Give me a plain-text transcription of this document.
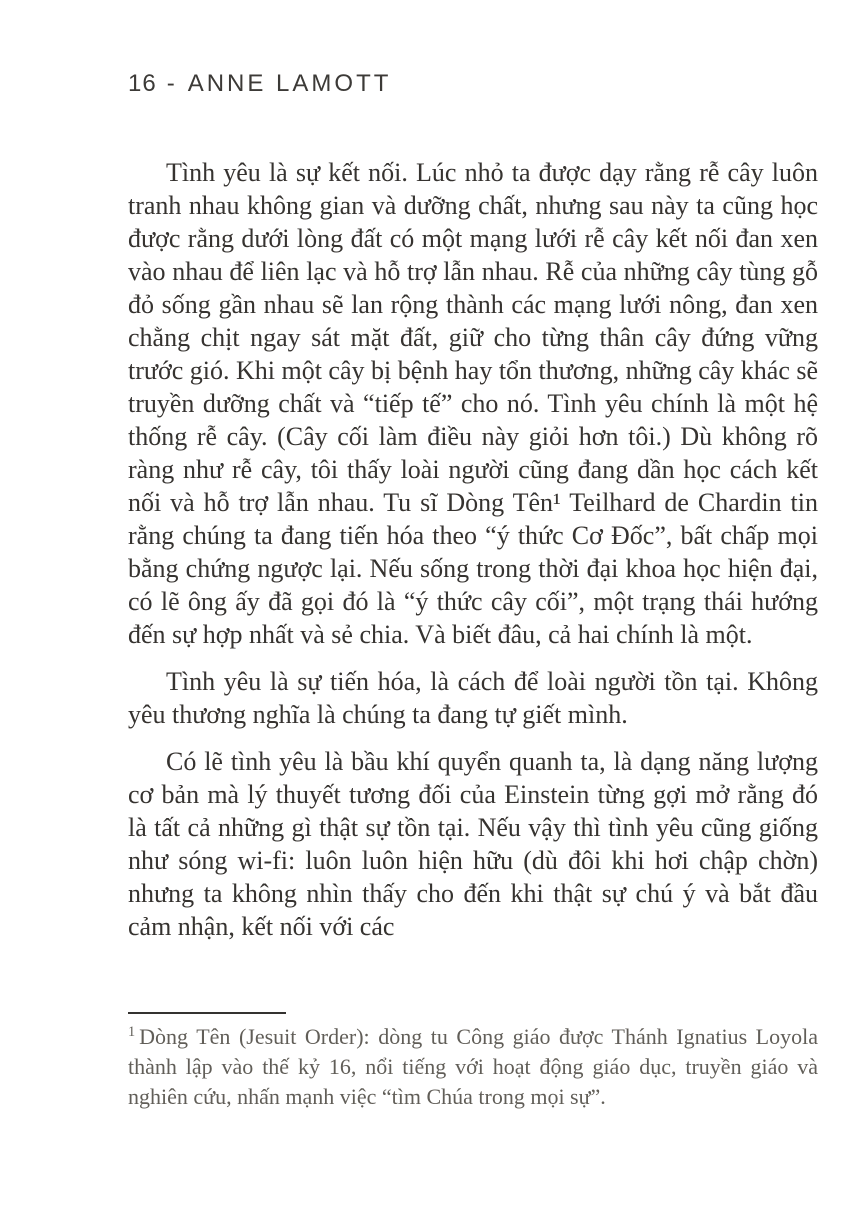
16 - ANNE LAMOTT

Tình yêu là sự kết nối. Lúc nhỏ ta được dạy rằng rễ cây luôn tranh nhau không gian và dưỡng chất, nhưng sau này ta cũng học được rằng dưới lòng đất có một mạng lưới rễ cây kết nối đan xen vào nhau để liên lạc và hỗ trợ lẫn nhau. Rễ của những cây tùng gỗ đỏ sống gần nhau sẽ lan rộng thành các mạng lưới nông, đan xen chằng chịt ngay sát mặt đất, giữ cho từng thân cây đứng vững trước gió. Khi một cây bị bệnh hay tổn thương, những cây khác sẽ truyền dưỡng chất và “tiếp tế” cho nó. Tình yêu chính là một hệ thống rễ cây. (Cây cối làm điều này giỏi hơn tôi.) Dù không rõ ràng như rễ cây, tôi thấy loài người cũng đang dần học cách kết nối và hỗ trợ lẫn nhau. Tu sĩ Dòng Tên¹ Teilhard de Chardin tin rằng chúng ta đang tiến hóa theo “ý thức Cơ Đốc”, bất chấp mọi bằng chứng ngược lại. Nếu sống trong thời đại khoa học hiện đại, có lẽ ông ấy đã gọi đó là “ý thức cây cối”, một trạng thái hướng đến sự hợp nhất và sẻ chia. Và biết đâu, cả hai chính là một.

Tình yêu là sự tiến hóa, là cách để loài người tồn tại. Không yêu thương nghĩa là chúng ta đang tự giết mình.

Có lẽ tình yêu là bầu khí quyển quanh ta, là dạng năng lượng cơ bản mà lý thuyết tương đối của Einstein từng gợi mở rằng đó là tất cả những gì thật sự tồn tại. Nếu vậy thì tình yêu cũng giống như sóng wi-fi: luôn luôn hiện hữu (dù đôi khi hơi chập chờn) nhưng ta không nhìn thấy cho đến khi thật sự chú ý và bắt đầu cảm nhận, kết nối với các

$^1$ Dòng Tên (Jesuit Order): dòng tu Công giáo được Thánh Ignatius Loyola thành lập vào thế kỷ 16, nổi tiếng với hoạt động giáo dục, truyền giáo và nghiên cứu, nhấn mạnh việc “tìm Chúa trong mọi sự”.
